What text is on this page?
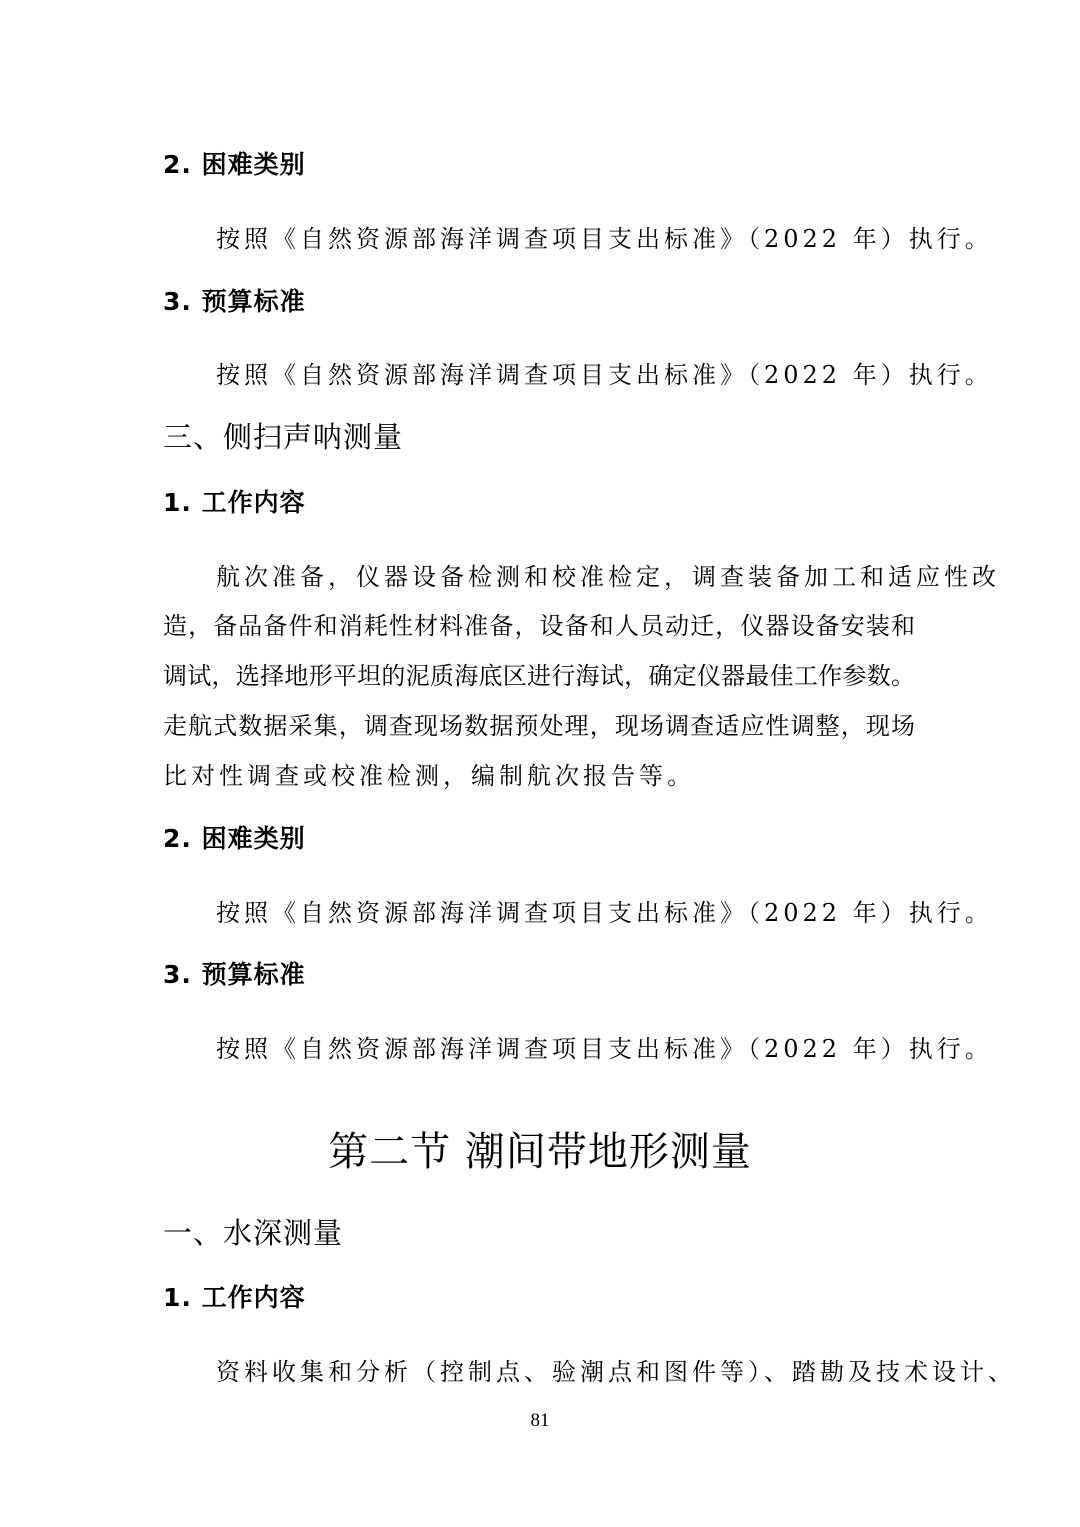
2. 困难类别
按照《自然资源部海洋调查项目支出标准》（2022 年）执行。
3. 预算标准
按照《自然资源部海洋调查项目支出标准》（2022 年）执行。
三、侧扫声呐测量
1. 工作内容
航次准备，仪器设备检测和校准检定，调查装备加工和适应性改
造，备品备件和消耗性材料准备，设备和人员动迁，仪器设备安装和
调试，选择地形平坦的泥质海底区进行海试，确定仪器最佳工作参数。
走航式数据采集，调查现场数据预处理，现场调查适应性调整，现场
比对性调查或校准检测，编制航次报告等。
2. 困难类别
按照《自然资源部海洋调查项目支出标准》（2022 年）执行。
3. 预算标准
按照《自然资源部海洋调查项目支出标准》（2022 年）执行。
第二节 潮间带地形测量
一、水深测量
1. 工作内容
资料收集和分析（控制点、验潮点和图件等）、踏勘及技术设计、
81
